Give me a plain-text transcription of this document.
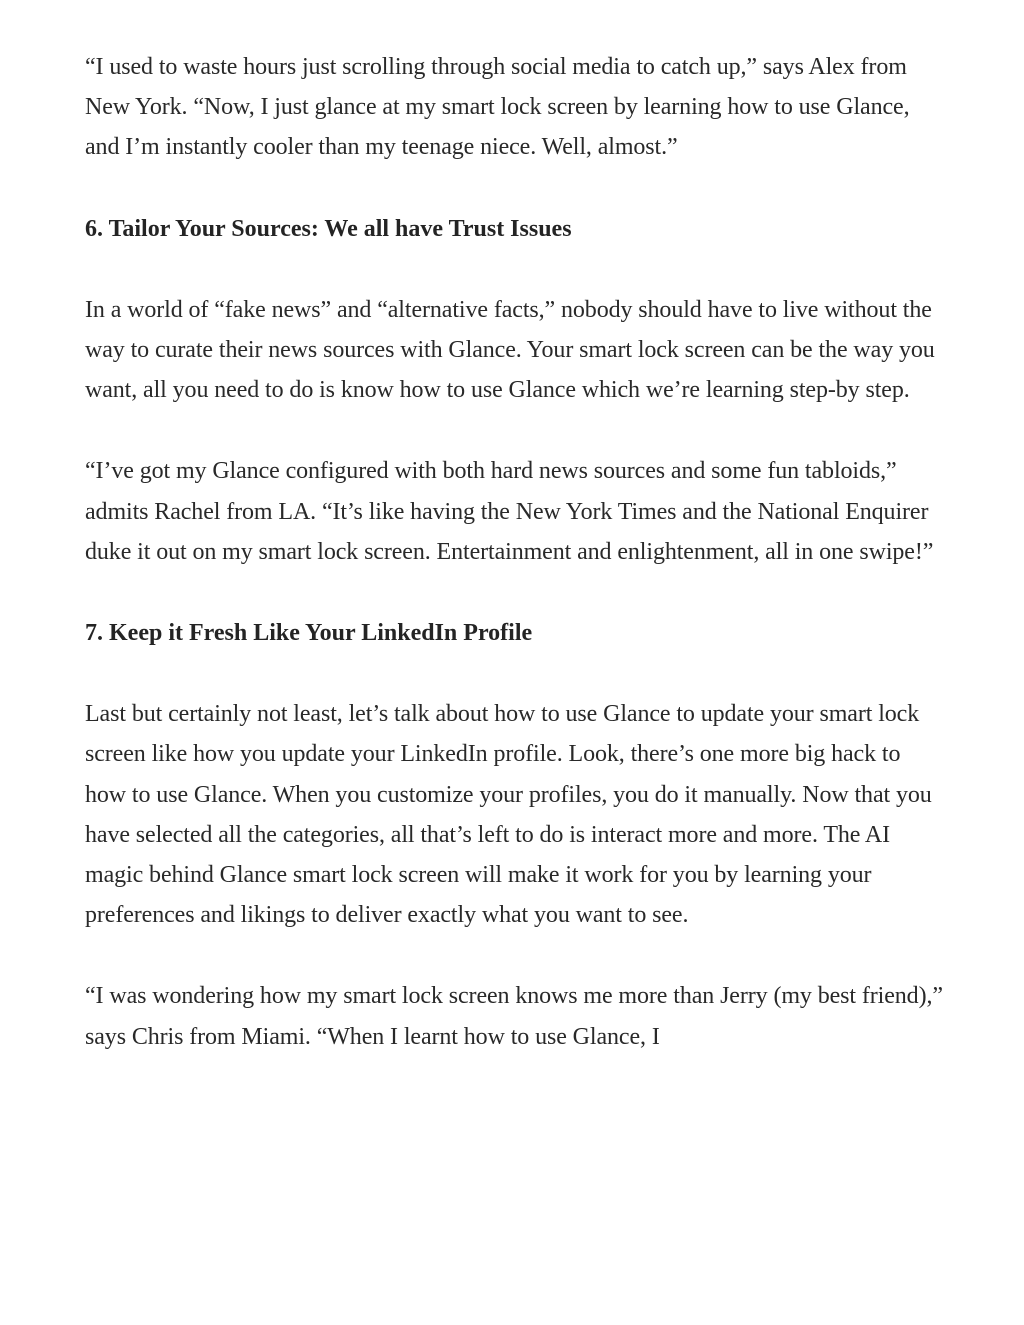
“I used to waste hours just scrolling through social media to catch up,” says Alex from New York. “Now, I just glance at my smart lock screen by learning how to use Glance, and I’m instantly cooler than my teenage niece. Well, almost.”

6. Tailor Your Sources: We all have Trust Issues

In a world of “fake news” and “alternative facts,” nobody should have to live without the way to curate their news sources with Glance. Your smart lock screen can be the way you want, all you need to do is know how to use Glance which we’re learning step-by step.

“I’ve got my Glance configured with both hard news sources and some fun tabloids,” admits Rachel from LA. “It’s like having the New York Times and the National Enquirer duke it out on my smart lock screen. Entertainment and enlightenment, all in one swipe!”

7. Keep it Fresh Like Your LinkedIn Profile

Last but certainly not least, let’s talk about how to use Glance to update your smart lock screen like how you update your LinkedIn profile. Look, there’s one more big hack to how to use Glance. When you customize your profiles, you do it manually. Now that you have selected all the categories, all that’s left to do is interact more and more. The AI magic behind Glance smart lock screen will make it work for you by learning your preferences and likings to deliver exactly what you want to see.

“I was wondering how my smart lock screen knows me more than Jerry (my best friend),” says Chris from Miami. “When I learnt how to use Glance, I
